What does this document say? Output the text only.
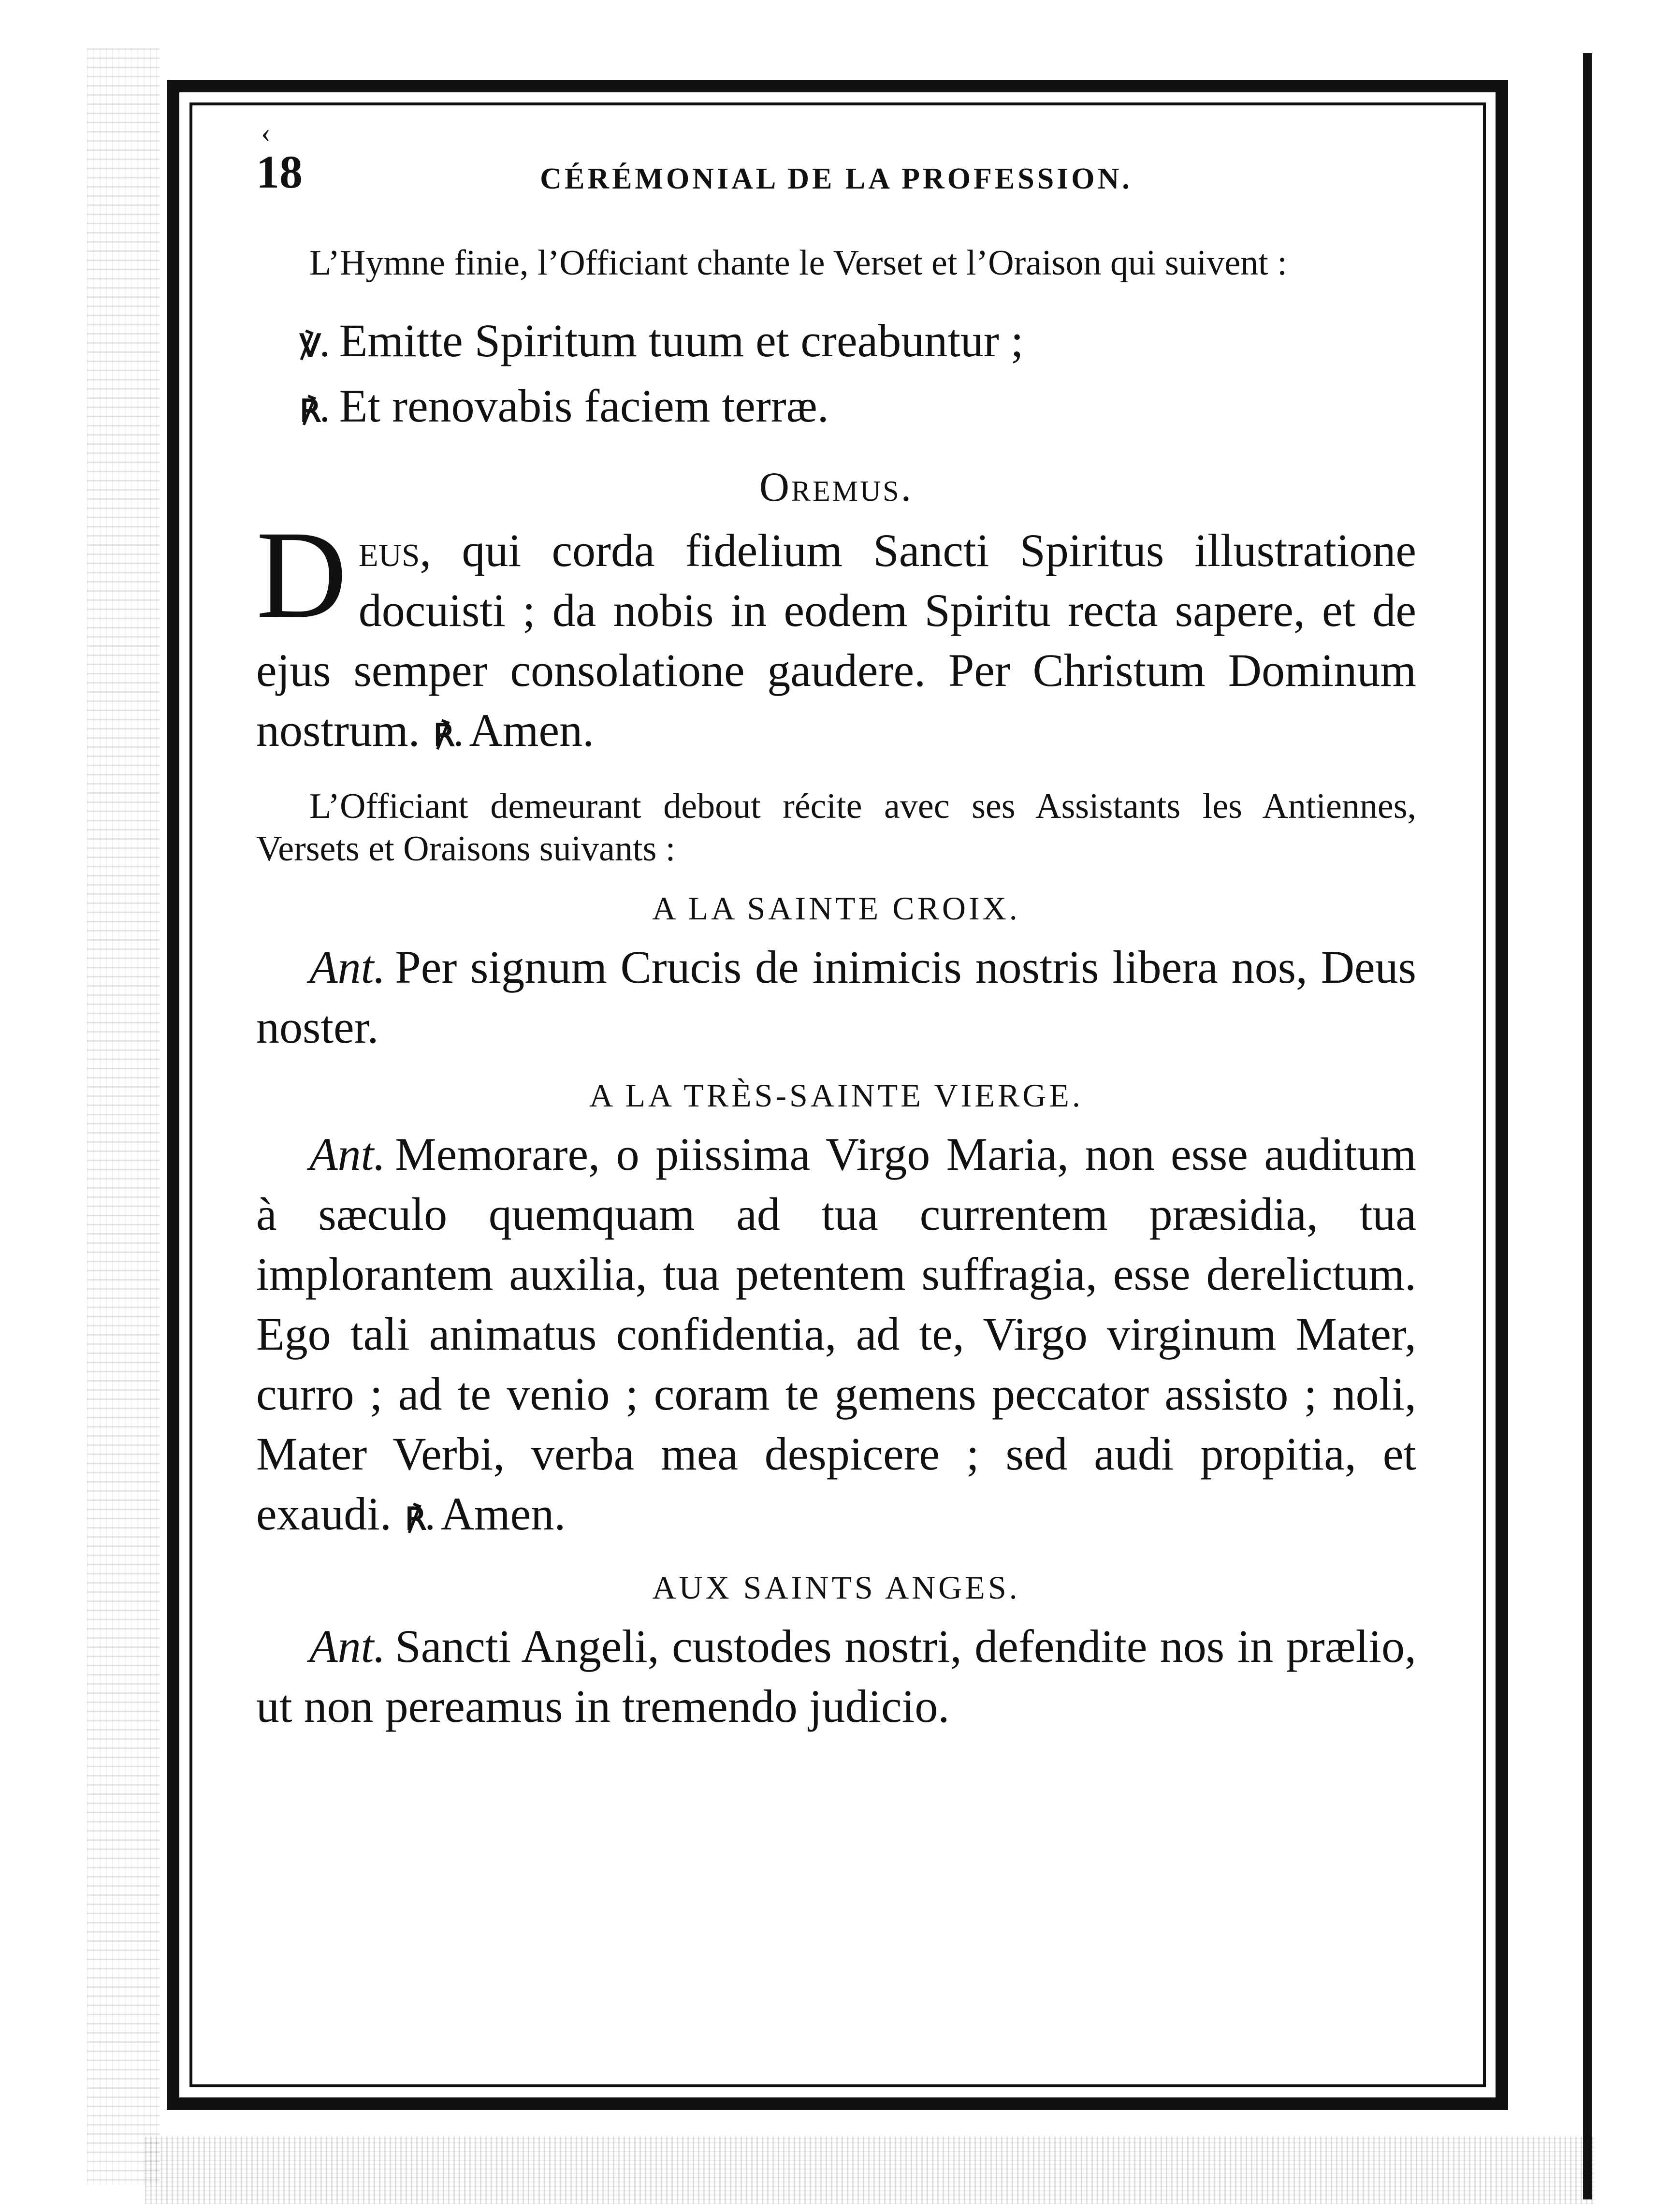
‹
18	CÉRÉMONIAL DE LA PROFESSION.

L’Hymne finie, l’Officiant chante le Verset et l’Oraison qui suivent :

℣. Emitte Spiritum tuum et creabuntur ;

℟. Et renovabis faciem terræ.

Oremus.

Deus, qui corda fidelium Sancti Spiritus illustratione docuisti ; da nobis in eodem Spiritu recta sapere, et de ejus semper consolatione gaudere. Per Christum Dominum nostrum. ℟. Amen.

L’Officiant demeurant debout récite avec ses Assistants les Antiennes, Versets et Oraisons suivants :

A LA SAINTE CROIX.

Ant. Per signum Crucis de inimicis nostris libera nos, Deus noster.

A LA TRÈS-SAINTE VIERGE.

Ant. Memorare, o piissima Virgo Maria, non esse auditum à sæculo quemquam ad tua currentem præsidia, tua implorantem auxilia, tua petentem suffragia, esse derelictum. Ego tali animatus confidentia, ad te, Virgo virginum Mater, curro ; ad te venio ; coram te gemens peccator assisto ; noli, Mater Verbi, verba mea despicere ; sed audi propitia, et exaudi. ℟. Amen.

AUX SAINTS ANGES.

Ant. Sancti Angeli, custodes nostri, defendite nos in prælio, ut non pereamus in tremendo judicio.
